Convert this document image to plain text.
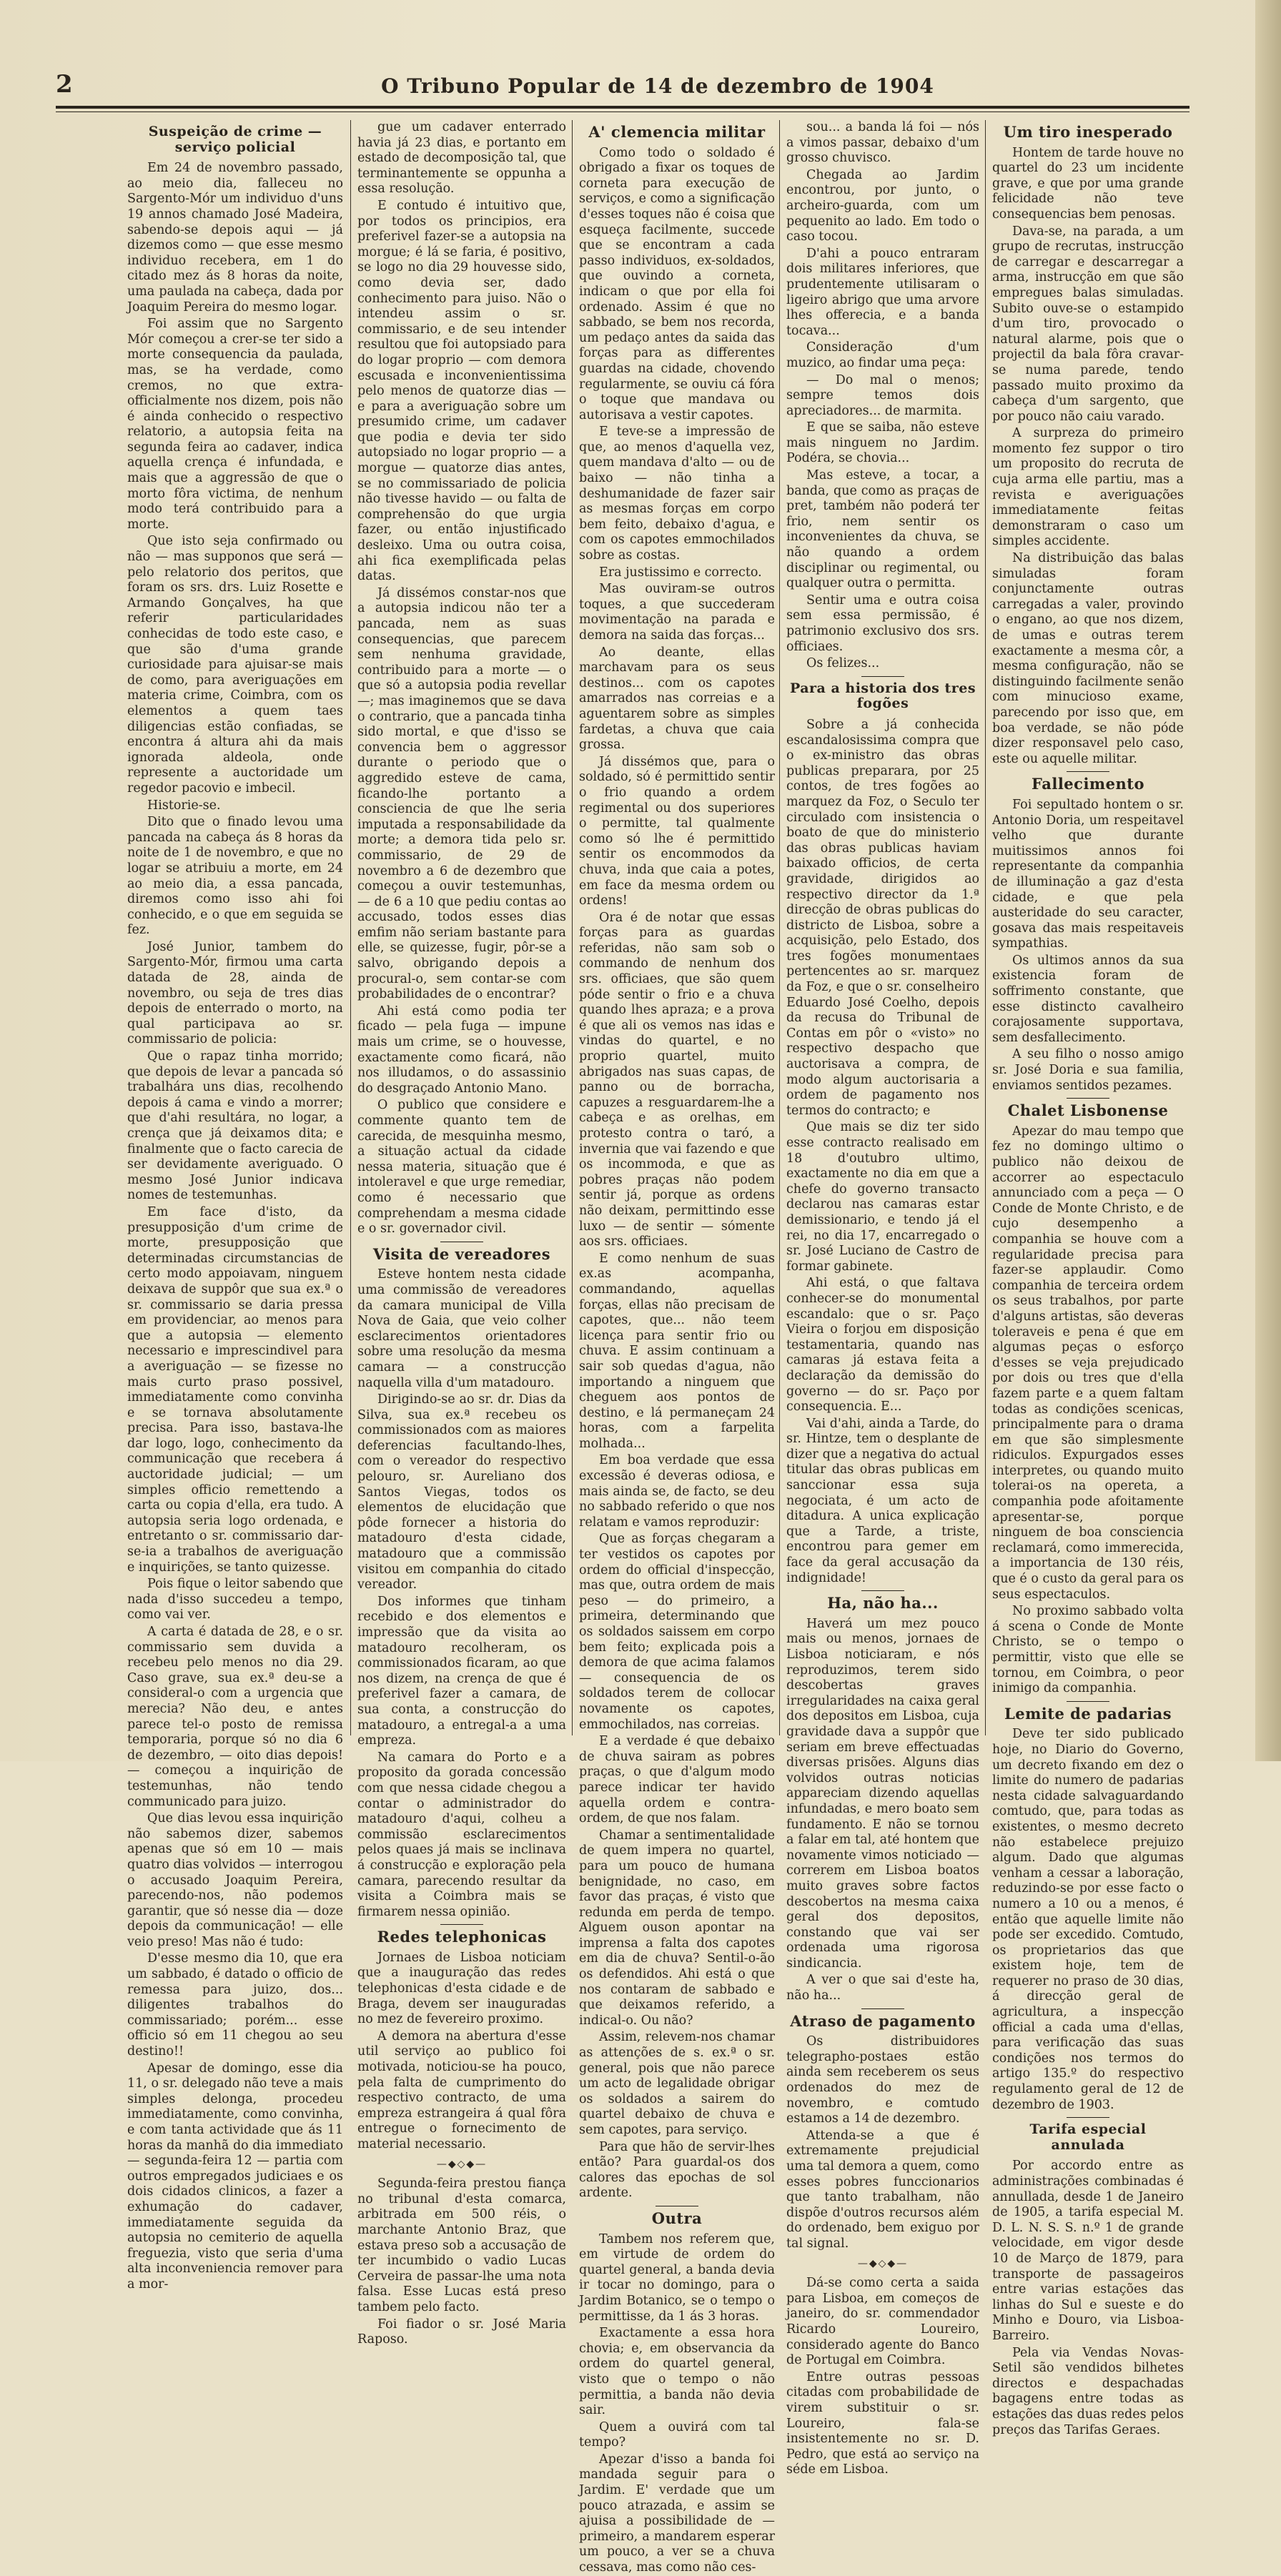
2	O Tribuno Popular de 14 de dezembro de 1904
Suspeição de crime — serviço policial

Em 24 de novembro passado, ao meio dia, falleceu no Sargento-Mór um individuo d'uns 19 annos chamado José Madeira, sabendo-se depois aqui — já dizemos como — que esse mesmo individuo recebera, em 1 do citado mez ás 8 horas da noite, uma paulada na cabeça, dada por Joaquim Pereira do mesmo logar.

Foi assim que no Sargento Mór começou a crer-se ter sido a morte consequencia da paulada, mas, se ha verdade, como cremos, no que extra-officialmente nos dizem, pois não é ainda conhecido o respectivo relatorio, a autopsia feita na segunda feira ao cadaver, indica aquella crença é infundada, e mais que a aggressão de que o morto fôra victima, de nenhum modo terá contribuido para a morte.

Que isto seja confirmado ou não — mas supponos que será — pelo relatorio dos peritos, que foram os srs. drs. Luiz Rosette e Armando Gonçalves, ha que referir particularidades conhecidas de todo este caso, e que são d'uma grande curiosidade para ajuisar-se mais de como, para averiguações em materia crime, Coimbra, com os elementos a quem taes diligencias estão confiadas, se encontra á altura ahi da mais ignorada aldeola, onde represente a auctoridade um regedor pacovio e imbecil.

Historie-se.

Dito que o finado levou uma pancada na cabeça ás 8 horas da noite de 1 de novembro, e que no logar se atribuiu a morte, em 24 ao meio dia, a essa pancada, diremos como isso ahi foi conhecido, e o que em seguida se fez.

José Junior, tambem do Sargento-Mór, firmou uma carta datada de 28, ainda de novembro, ou seja de tres dias depois de enterrado o morto, na qual participava ao sr. commissario de policia:

Que o rapaz tinha morrido; que depois de levar a pancada só trabalhára uns dias, recolhendo depois á cama e vindo a morrer; que d'ahi resultára, no logar, a crença que já deixamos dita; e finalmente que o facto carecia de ser devidamente averiguado. O mesmo José Junior indicava nomes de testemunhas.

Em face d'isto, da presupposição d'um crime de morte, presupposição que determinadas circumstancias de certo modo appoiavam, ninguem deixava de suppôr que sua ex.ª o sr. commissario se daria pressa em providenciar, ao menos para que a autopsia — elemento necessario e imprescindivel para a averiguação — se fizesse no mais curto praso possivel, immediatamente como convinha e se tornava absolutamente precisa. Para isso, bastava-lhe dar logo, logo, conhecimento da communicação que recebera á auctoridade judicial; — um simples officio remettendo a carta ou copia d'ella, era tudo. A autopsia seria logo ordenada, e entretanto o sr. commissario dar-se-ia a trabalhos de averiguação e inquirições, se tanto quizesse.

Pois fique o leitor sabendo que nada d'isso succedeu a tempo, como vai ver.

A carta é datada de 28, e o sr. commissario sem duvida a recebeu pelo menos no dia 29. Caso grave, sua ex.ª deu-se a consideral-o com a urgencia que merecia? Não deu, e antes parece tel-o posto de remissa temporaria, porque só no dia 6 de dezembro, — oito dias depois! — começou a inquirição de testemunhas, não tendo communicado para juizo.

Que dias levou essa inquirição não sabemos dizer, sabemos apenas que só em 10 — mais quatro dias volvidos — interrogou o accusado Joaquim Pereira, parecendo-nos, não podemos garantir, que só nesse dia — doze depois da communicação! — elle veio preso! Mas não é tudo:

D'esse mesmo dia 10, que era um sabbado, é datado o officio de remessa para juizo, dos... diligentes trabalhos do commissariado; porém... esse officio só em 11 chegou ao seu destino!!

Apesar de domingo, esse dia 11, o sr. delegado não teve a mais simples delonga, procedeu immediatamente, como convinha, e com tanta actividade que ás 11 horas da manhã do dia immediato — segunda-feira 12 — partia com outros empregados judiciaes e os dois cidados clinicos, a fazer a exhumação do cadaver, immediatamente seguida da autopsia no cemiterio de aquella freguezia, visto que seria d'uma alta inconveniencia remover para a mor-

gue um cadaver enterrado havia já 23 dias, e portanto em estado de decomposição tal, que terminantemente se oppunha a essa resolução.

E contudo é intuitivo que, por todos os principios, era preferivel fazer-se a autopsia na morgue; é lá se faria, é positivo, se logo no dia 29 houvesse sido, como devia ser, dado conhecimento para juiso. Não o intendeu assim o sr. commissario, e de seu intender resultou que foi autopsiado para do logar proprio — com demora escusada e inconvenientissima pelo menos de quatorze dias — e para a averiguação sobre um presumido crime, um cadaver que podia e devia ter sido autopsiado no logar proprio — a morgue — quatorze dias antes, se no commissariado de policia não tivesse havido — ou falta de comprehensão do que urgia fazer, ou então injustificado desleixo. Uma ou outra coisa, ahi fica exemplificada pelas datas.

Já dissémos constar-nos que a autopsia indicou não ter a pancada, nem as suas consequencias, que parecem sem nenhuma gravidade, contribuido para a morte — o que só a autopsia podia revellar —; mas imaginemos que se dava o contrario, que a pancada tinha sido mortal, e que d'isso se convencia bem o aggressor durante o periodo que o aggredido esteve de cama, ficando-lhe portanto a consciencia de que lhe seria imputada a responsabilidade da morte; a demora tida pelo sr. commissario, de 29 de novembro a 6 de dezembro que começou a ouvir testemunhas, — de 6 a 10 que pediu contas ao accusado, todos esses dias emfim não seriam bastante para elle, se quizesse, fugir, pôr-se a salvo, obrigando depois a procural-o, sem contar-se com probabilidades de o encontrar?

Ahi está como podia ter ficado — pela fuga — impune mais um crime, se o houvesse, exactamente como ficará, não nos illudamos, o do assassinio do desgraçado Antonio Mano.

O publico que considere e commente quanto tem de carecida, de mesquinha mesmo, a situação actual da cidade nessa materia, situação que é intoleravel e que urge remediar, como é necessario que comprehendam a mesma cidade e o sr. governador civil.

Visita de vereadores

Esteve hontem nesta cidade uma commissão de vereadores da camara municipal de Villa Nova de Gaia, que veio colher esclarecimentos orientadores sobre uma resolução da mesma camara — a construcção naquella villa d'um matadouro.

Dirigindo-se ao sr. dr. Dias da Silva, sua ex.ª recebeu os commissionados com as maiores deferencias facultando-lhes, com o vereador do respectivo pelouro, sr. Aureliano dos Santos Viegas, todos os elementos de elucidação que pôde fornecer a historia do matadouro d'esta cidade, matadouro que a commissão visitou em companhia do citado vereador.

Dos informes que tinham recebido e dos elementos e impressão que da visita ao matadouro recolheram, os commissionados ficaram, ao que nos dizem, na crença de que é preferivel fazer a camara, de sua conta, a construcção do matadouro, a entregal-a a uma empreza.

Na camara do Porto e a proposito da gorada concessão com que nessa cidade chegou a contar o administrador do matadouro d'aqui, colheu a commissão esclarecimentos pelos quaes já mais se inclinava á construcção e exploração pela camara, parecendo resultar da visita a Coimbra mais se firmarem nessa opinião.

Redes telephonicas

Jornaes de Lisboa noticiam que a inauguração das redes telephonicas d'esta cidade e de Braga, devem ser inauguradas no mez de fevereiro proximo.

A demora na abertura d'esse util serviço ao publico foi motivada, noticiou-se ha pouco, pela falta de cumprimento do respectivo contracto, de uma empreza estrangeira á qual fôra entregue o fornecimento de material necessario.

—◆◇◆—

Segunda-feira prestou fiança no tribunal d'esta comarca, arbitrada em 500 réis, o marchante Antonio Braz, que estava preso sob a accusação de ter incumbido o vadio Lucas Cerveira de passar-lhe uma nota falsa. Esse Lucas está preso tambem pelo facto.

Foi fiador o sr. José Maria Raposo.

A' clemencia militar

Como todo o soldado é obrigado a fixar os toques de corneta para execução de serviços, e como a significação d'esses toques não é coisa que esqueça facilmente, succede que se encontram a cada passo individuos, ex-soldados, que ouvindo a corneta, indicam o que por ella foi ordenado. Assim é que no sabbado, se bem nos recorda, um pedaço antes da saida das forças para as differentes guardas na cidade, chovendo regularmente, se ouviu cá fóra o toque que mandava ou autorisava a vestir capotes.

E teve-se a impressão de que, ao menos d'aquella vez, quem mandava d'alto — ou de baixo — não tinha a deshumanidade de fazer sair as mesmas forças em corpo bem feito, debaixo d'agua, e com os capotes emmochilados sobre as costas.

Era justissimo e correcto.

Mas ouviram-se outros toques, a que succederam movimentação na parada e demora na saida das forças...

Ao deante, ellas marchavam para os seus destinos... com os capotes amarrados nas correias e a aguentarem sobre as simples fardetas, a chuva que caia grossa.

Já dissémos que, para o soldado, só é permittido sentir o frio quando a ordem regimental ou dos superiores o permitte, tal qualmente como só lhe é permittido sentir os encommodos da chuva, inda que caia a potes, em face da mesma ordem ou ordens!

Ora é de notar que essas forças para as guardas referidas, não sam sob o commando de nenhum dos srs. officiaes, que são quem póde sentir o frio e a chuva quando lhes apraza; e a prova é que ali os vemos nas idas e vindas do quartel, e no proprio quartel, muito abrigados nas suas capas, de panno ou de borracha, capuzes a resguardarem-lhe a cabeça e as orelhas, em protesto contra o taró, a invernia que vai fazendo e que os incommoda, e que as pobres praças não podem sentir já, porque as ordens não deixam, permittindo esse luxo — de sentir — sómente aos srs. officiaes.

E como nenhum de suas ex.as acompanha, commandando, aquellas forças, ellas não precisam de capotes, que... não teem licença para sentir frio ou chuva. E assim continuam a sair sob quedas d'agua, não importando a ninguem que cheguem aos pontos de destino, e lá permaneçam 24 horas, com a farpelita molhada...

Em boa verdade que essa excessão é deveras odiosa, e mais ainda se, de facto, se deu no sabbado referido o que nos relatam e vamos reproduzir:

Que as forças chegaram a ter vestidos os capotes por ordem do official d'inspecção, mas que, outra ordem de mais peso — do primeiro, a primeira, determinando que os soldados saissem em corpo bem feito; explicada pois a demora de que acima falamos — consequencia de os soldados terem de collocar novamente os capotes, emmochilados, nas correias.

E a verdade é que debaixo de chuva sairam as pobres praças, o que d'algum modo parece indicar ter havido aquella ordem e contra-ordem, de que nos falam.

Chamar a sentimentalidade de quem impera no quartel, para um pouco de humana benignidade, no caso, em favor das praças, é visto que redunda em perda de tempo. Alguem ouson apontar na imprensa a falta dos capotes em dia de chuva? Sentil-o-ão os defendidos. Ahi está o que nos contaram de sabbado e que deixamos referido, a indical-o. Ou não?

Assim, relevem-nos chamar as attenções de s. ex.ª o sr. general, pois que não parece um acto de legalidade obrigar os soldados a sairem do quartel debaixo de chuva e sem capotes, para serviço.

Para que hão de servir-lhes então? Para guardal-os dos calores das epochas de sol ardente.

Outra

Tambem nos referem que, em virtude de ordem do quartel general, a banda devia ir tocar no domingo, para o Jardim Botanico, se o tempo o permittisse, da 1 ás 3 horas.

Exactamente a essa hora chovia; e, em observancia da ordem do quartel general, visto que o tempo o não permittia, a banda não devia sair.

Quem a ouvirá com tal tempo?

Apezar d'isso a banda foi mandada seguir para o Jardim. E' verdade que um pouco atrazada, e assim se ajuisa a possibilidade de — primeiro, a mandarem esperar um pouco, a ver se a chuva cessava, mas como não ces-

sou... a banda lá foi — nós a vimos passar, debaixo d'um grosso chuvisco.

Chegada ao Jardim encontrou, por junto, o archeiro-guarda, com um pequenito ao lado. Em todo o caso tocou.

D'ahi a pouco entraram dois militares inferiores, que prudentemente utilisaram o ligeiro abrigo que uma arvore lhes offerecia, e a banda tocava...

Consideração d'um muzico, ao findar uma peça:

— Do mal o menos; sempre temos dois apreciadores... de marmita.

E que se saiba, não esteve mais ninguem no Jardim. Podéra, se chovia...

Mas esteve, a tocar, a banda, que como as praças de pret, também não poderá ter frio, nem sentir os inconvenientes da chuva, se não quando a ordem disciplinar ou regimental, ou qualquer outra o permitta.

Sentir uma e outra coisa sem essa permissão, é patrimonio exclusivo dos srs. officiaes.

Os felizes...

Para a historia dos tres fogões

Sobre a já conhecida escandalosissima compra que o ex-ministro das obras publicas preparara, por 25 contos, de tres fogões ao marquez da Foz, o Seculo ter circulado com insistencia o boato de que do ministerio das obras publicas haviam baixado officios, de certa gravidade, dirigidos ao respectivo director da 1.ª direcção de obras publicas do districto de Lisboa, sobre a acquisição, pelo Estado, dos tres fogões monumentaes pertencentes ao sr. marquez da Foz, e que o sr. conselheiro Eduardo José Coelho, depois da recusa do Tribunal de Contas em pôr o «visto» no respectivo despacho que auctorisava a compra, de modo algum auctorisaria a ordem de pagamento nos termos do contracto; e

Que mais se diz ter sido esse contracto realisado em 18 d'outubro ultimo, exactamente no dia em que a chefe do governo transacto declarou nas camaras estar demissionario, e tendo já el rei, no dia 17, encarregado o sr. José Luciano de Castro de formar gabinete.

Ahi está, o que faltava conhecer-se do monumental escandalo: que o sr. Paço Vieira o forjou em disposição testamentaria, quando nas camaras já estava feita a declaração da demissão do governo — do sr. Paço por consequencia. E...

Vai d'ahi, ainda a Tarde, do sr. Hintze, tem o desplante de dizer que a negativa do actual titular das obras publicas em sanccionar essa suja negociata, é um acto de ditadura. A unica explicação que a Tarde, a triste, encontrou para gemer em face da geral accusação da indignidade!

Ha, não ha...

Haverá um mez pouco mais ou menos, jornaes de Lisboa noticiaram, e nós reproduzimos, terem sido descobertas graves irregularidades na caixa geral dos depositos em Lisboa, cuja gravidade dava a suppôr que seriam em breve effectuadas diversas prisões. Alguns dias volvidos outras noticias appareciam dizendo aquellas infundadas, e mero boato sem fundamento. E não se tornou a falar em tal, até hontem que novamente vimos noticiado — correrem em Lisboa boatos muito graves sobre factos descobertos na mesma caixa geral dos depositos, constando que vai ser ordenada uma rigorosa sindicancia.

A ver o que sai d'este ha, não ha...

Atraso de pagamento

Os distribuidores telegrapho-postaes estão ainda sem receberem os seus ordenados do mez de novembro, e comtudo estamos a 14 de dezembro.

Attenda-se a que é extremamente prejudicial uma tal demora a quem, como esses pobres funccionarios que tanto trabalham, não dispõe d'outros recursos além do ordenado, bem exiguo por tal signal.

—◆◇◆—

Dá-se como certa a saida para Lisboa, em começos de janeiro, do sr. commendador Ricardo Loureiro, considerado agente do Banco de Portugal em Coimbra.

Entre outras pessoas citadas com probabilidade de virem substituir o sr. Loureiro, fala-se insistentemente no sr. D. Pedro, que está ao serviço na séde em Lisboa.

Um tiro inesperado

Hontem de tarde houve no quartel do 23 um incidente grave, e que por uma grande felicidade não teve consequencias bem penosas.

Dava-se, na parada, a um grupo de recrutas, instrucção de carregar e descarregar a arma, instrucção em que são empregues balas simuladas. Subito ouve-se o estampido d'um tiro, provocado o natural alarme, pois que o projectil da bala fôra cravar-se numa parede, tendo passado muito proximo da cabeça d'um sargento, que por pouco não caiu varado.

A surpreza do primeiro momento fez suppor o tiro um proposito do recruta de cuja arma elle partiu, mas a revista e averiguações immediatamente feitas demonstraram o caso um simples accidente.

Na distribuição das balas simuladas foram conjunctamente outras carregadas a valer, provindo o engano, ao que nos dizem, de umas e outras terem exactamente a mesma côr, a mesma configuração, não se distinguindo facilmente senão com minucioso exame, parecendo por isso que, em boa verdade, se não póde dizer responsavel pelo caso, este ou aquelle militar.

Fallecimento

Foi sepultado hontem o sr. Antonio Doria, um respeitavel velho que durante muitissimos annos foi representante da companhia de illuminação a gaz d'esta cidade, e que pela austeridade do seu caracter, gosava das mais respeitaveis sympathias.

Os ultimos annos da sua existencia foram de soffrimento constante, que esse distincto cavalheiro corajosamente supportava, sem desfallecimento.

A seu filho o nosso amigo sr. José Doria e sua familia, enviamos sentidos pezames.

Chalet Lisbonense

Apezar do mau tempo que fez no domingo ultimo o publico não deixou de accorrer ao espectaculo annunciado com a peça — O Conde de Monte Christo, e de cujo desempenho a companhia se houve com a regularidade precisa para fazer-se applaudir. Como companhia de terceira ordem os seus trabalhos, por parte d'alguns artistas, são deveras toleraveis e pena é que em algumas peças o esforço d'esses se veja prejudicado por dois ou tres que d'ella fazem parte e a quem faltam todas as condições scenicas, principalmente para o drama em que são simplesmente ridiculos. Expurgados esses interpretes, ou quando muito tolerai-os na opereta, a companhia pode afoitamente apresentar-se, porque ninguem de boa consciencia reclamará, como immerecida, a importancia de 130 réis, que é o custo da geral para os seus espectaculos.

No proximo sabbado volta á scena o Conde de Monte Christo, se o tempo o permittir, visto que elle se tornou, em Coimbra, o peor inimigo da companhia.

Lemite de padarias

Deve ter sido publicado hoje, no Diario do Governo, um decreto fixando em dez o limite do numero de padarias nesta cidade salvaguardando comtudo, que, para todas as existentes, o mesmo decreto não estabelece prejuizo algum. Dado que algumas venham a cessar a laboração, reduzindo-se por esse facto o numero a 10 ou a menos, é então que aquelle limite não pode ser excedido. Comtudo, os proprietarios das que existem hoje, tem de requerer no praso de 30 dias, á direcção geral de agricultura, a inspecção official a cada uma d'ellas, para verificação das suas condições nos termos do artigo 135.º do respectivo regulamento geral de 12 de dezembro de 1903.

Tarifa especial annulada

Por accordo entre as administrações combinadas é annullada, desde 1 de Janeiro de 1905, a tarifa especial M. D. L. N. S. S. n.º 1 de grande velocidade, em vigor desde 10 de Março de 1879, para transporte de passageiros entre varias estações das linhas do Sul e sueste e do Minho e Douro, via Lisboa-Barreiro.

Pela via Vendas Novas-Setil são vendidos bilhetes directos e despachadas bagagens entre todas as estações das duas redes pelos preços das Tarifas Geraes.
